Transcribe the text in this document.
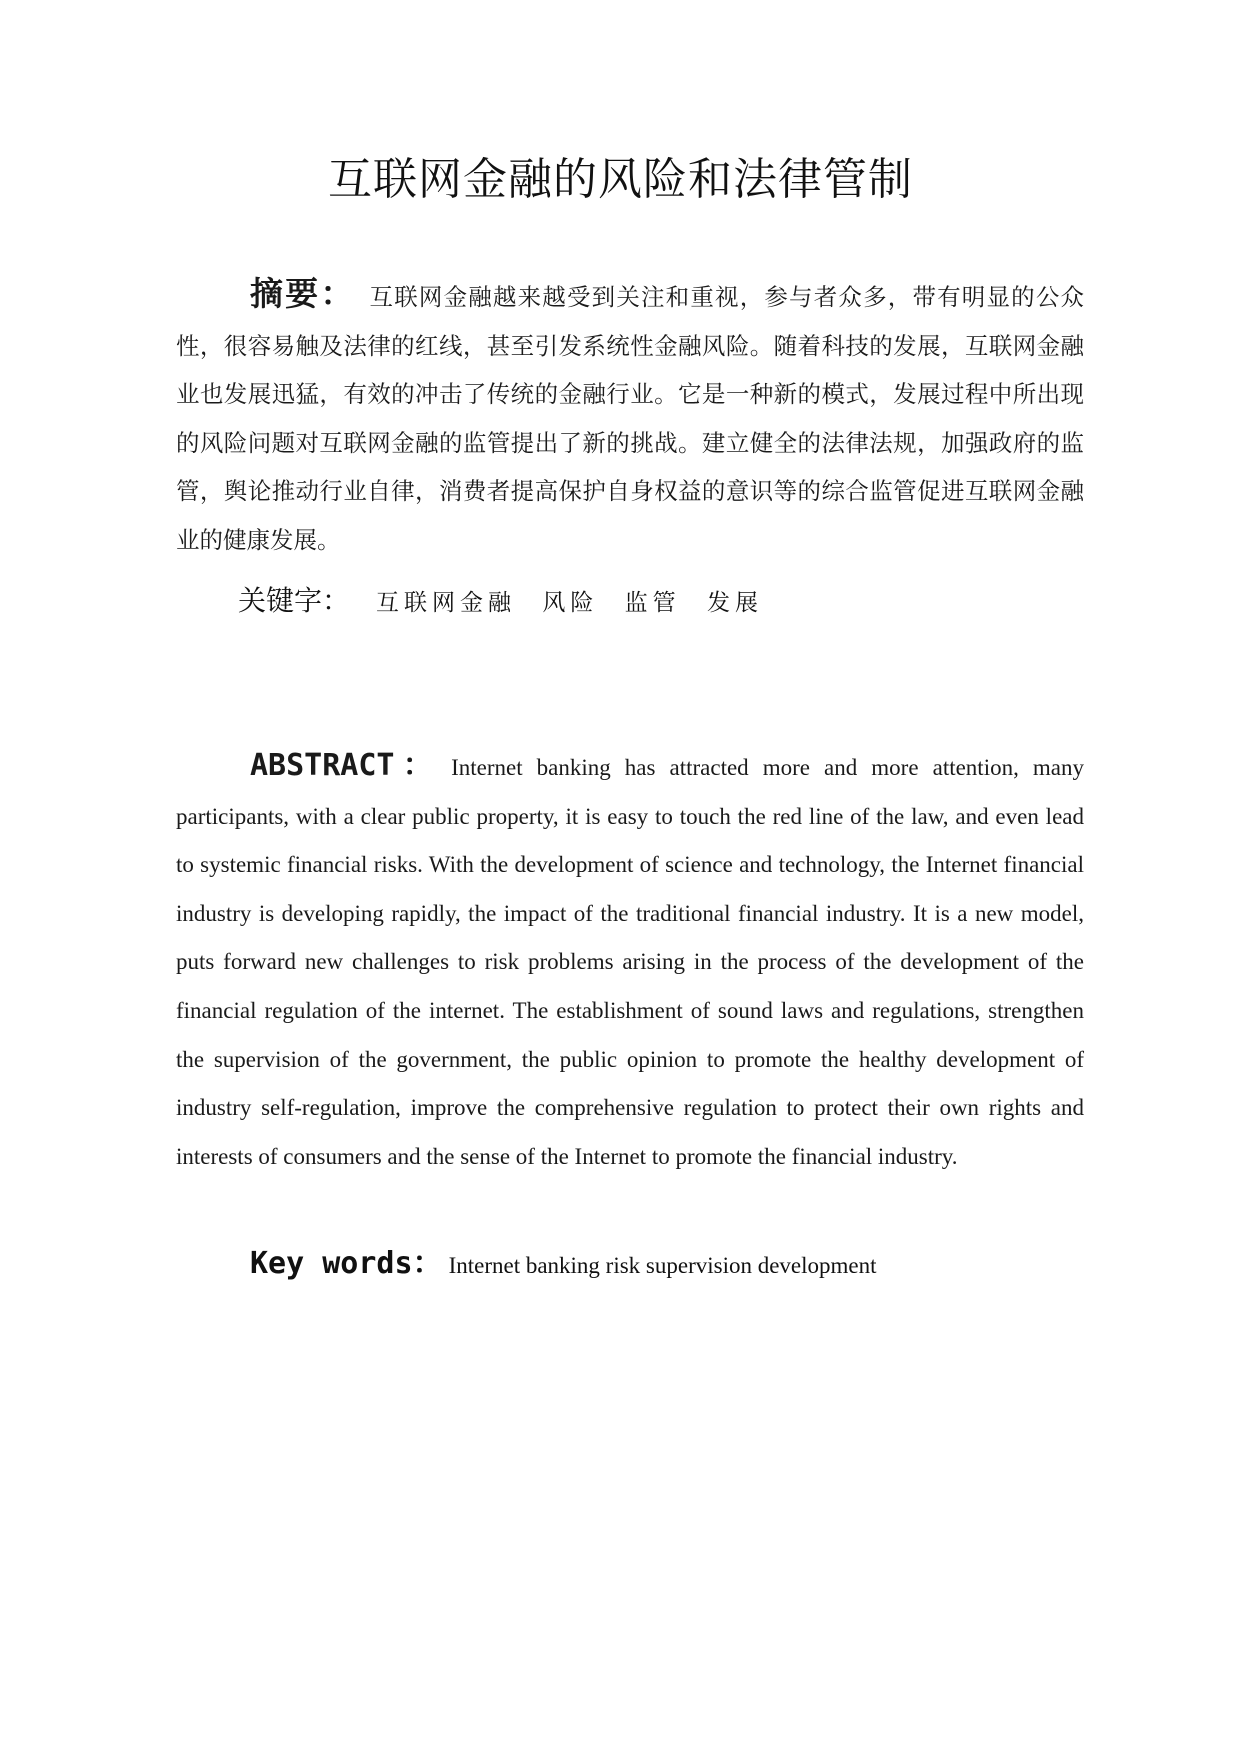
互联网金融的风险和法律管制
摘要： 互联网金融越来越受到关注和重视，参与者众多，带有明显的公众性，很容易触及法律的红线，甚至引发系统性金融风险。随着科技的发展，互联网金融业也发展迅猛，有效的冲击了传统的金融行业。它是一种新的模式，发展过程中所出现的风险问题对互联网金融的监管提出了新的挑战。建立健全的法律法规，加强政府的监管，舆论推动行业自律，消费者提高保护自身权益的意识等的综合监管促进互联网金融业的健康发展。
关键字： 互联网金融 风险 监管 发展
ABSTRACT： Internet banking has attracted more and more attention, many participants, with a clear public property, it is easy to touch the red line of the law, and even lead to systemic financial risks. With the development of science and technology, the Internet financial industry is developing rapidly, the impact of the traditional financial industry. It is a new model, puts forward new challenges to risk problems arising in the process of the development of the financial regulation of the internet. The establishment of sound laws and regulations, strengthen the supervision of the government, the public opinion to promote the healthy development of industry self-regulation, improve the comprehensive regulation to protect their own rights and interests of consumers and the sense of the Internet to promote the financial industry.
Key words： Internet banking risk supervision development
